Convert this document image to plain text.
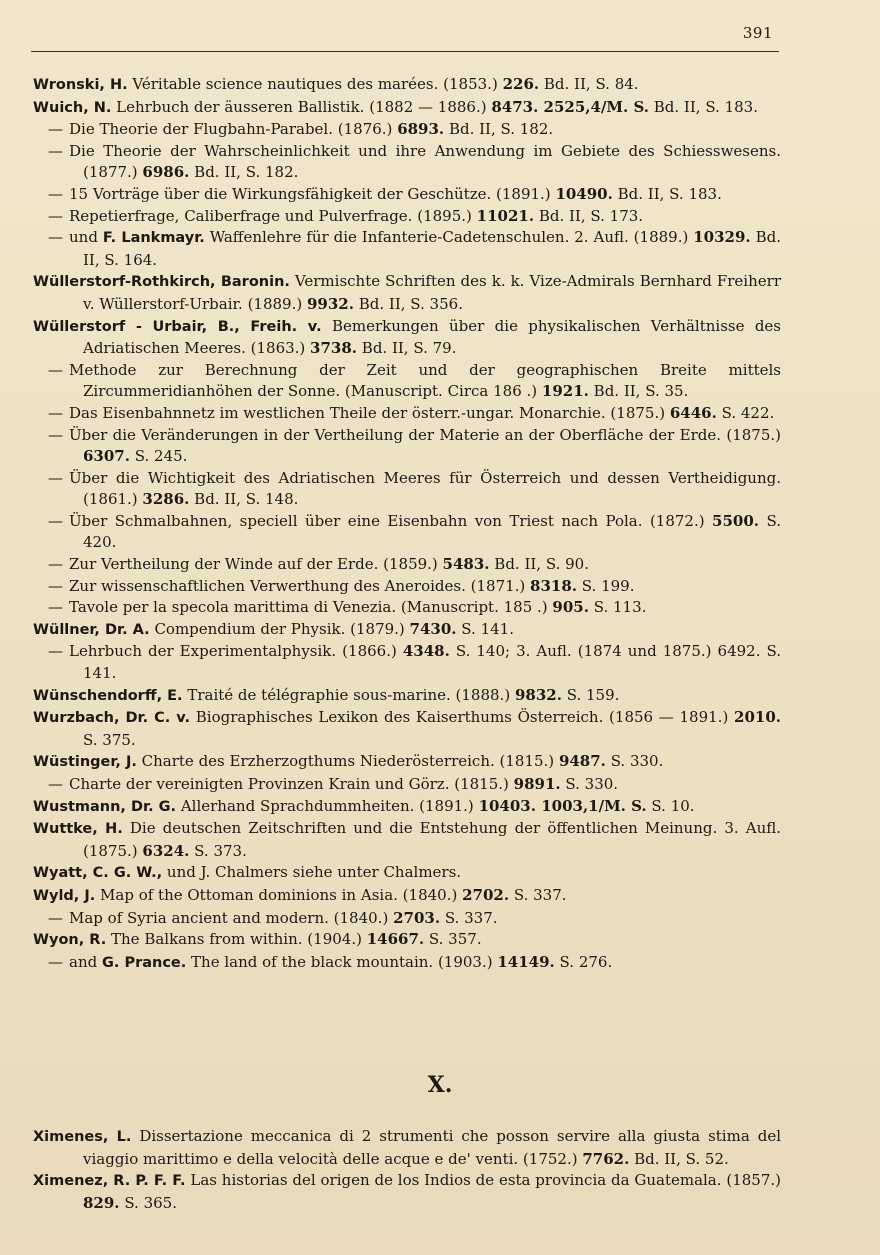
391
Wronski, H. Véritable science nautiques des marées. (1853.) 226. Bd. II, S. 84.
Wuich, N. Lehrbuch der äusseren Ballistik. (1882 — 1886.) 8473. 2525,4/M. S. Bd. II, S. 183.
— Die Theorie der Flugbahn-Parabel. (1876.) 6893. Bd. II, S. 182.
— Die Theorie der Wahrscheinlichkeit und ihre Anwendung im Gebiete des Schiesswesens. (1877.) 6986. Bd. II, S. 182.
— 15 Vorträge über die Wirkungsfähigkeit der Geschütze. (1891.) 10490. Bd. II, S. 183.
— Repetierfrage, Caliberfrage und Pulverfrage. (1895.) 11021. Bd. II, S. 173.
— und F. Lankmayr. Waffenlehre für die Infanterie-Cadetenschulen. 2. Aufl. (1889.) 10329. Bd. II, S. 164.
Wüllerstorf-Rothkirch, Baronin. Vermischte Schriften des k. k. Vize-Admirals Bernhard Freiherr v. Wüllerstorf-Urbair. (1889.) 9932. Bd. II, S. 356.
Wüllerstorf - Urbair, B., Freih. v. Bemerkungen über die physikalischen Verhältnisse des Adriatischen Meeres. (1863.) 3738. Bd. II, S. 79.
— Methode zur Berechnung der Zeit und der geographischen Breite mittels Zircummeridianhöhen der Sonne. (Manuscript. Circa 186 .) 1921. Bd. II, S. 35.
— Das Eisenbahnnetz im westlichen Theile der österr.-ungar. Monarchie. (1875.) 6446. S. 422.
— Über die Veränderungen in der Vertheilung der Materie an der Oberfläche der Erde. (1875.) 6307. S. 245.
— Über die Wichtigkeit des Adriatischen Meeres für Österreich und dessen Vertheidigung. (1861.) 3286. Bd. II, S. 148.
— Über Schmalbahnen, speciell über eine Eisenbahn von Triest nach Pola. (1872.) 5500. S. 420.
— Zur Vertheilung der Winde auf der Erde. (1859.) 5483. Bd. II, S. 90.
— Zur wissenschaftlichen Verwerthung des Aneroides. (1871.) 8318. S. 199.
— Tavole per la specola marittima di Venezia. (Manuscript. 185 .) 905. S. 113.
Wüllner, Dr. A. Compendium der Physik. (1879.) 7430. S. 141.
— Lehrbuch der Experimentalphysik. (1866.) 4348. S. 140; 3. Aufl. (1874 und 1875.) 6492. S. 141.
Wünschendorff, E. Traité de télégraphie sous-marine. (1888.) 9832. S. 159.
Wurzbach, Dr. C. v. Biographisches Lexikon des Kaiserthums Österreich. (1856 — 1891.) 2010. S. 375.
Wüstinger, J. Charte des Erzherzogthums Niederösterreich. (1815.) 9487. S. 330.
— Charte der vereinigten Provinzen Krain und Görz. (1815.) 9891. S. 330.
Wustmann, Dr. G. Allerhand Sprachdummheiten. (1891.) 10403. 1003,1/M. S. S. 10.
Wuttke, H. Die deutschen Zeitschriften und die Entstehung der öffentlichen Meinung. 3. Aufl. (1875.) 6324. S. 373.
Wyatt, C. G. W., und J. Chalmers siehe unter Chalmers.
Wyld, J. Map of the Ottoman dominions in Asia. (1840.) 2702. S. 337.
— Map of Syria ancient and modern. (1840.) 2703. S. 337.
Wyon, R. The Balkans from within. (1904.) 14667. S. 357.
— and G. Prance. The land of the black mountain. (1903.) 14149. S. 276.
X.
Ximenes, L. Dissertazione meccanica di 2 strumenti che posson servire alla giusta stima del viaggio marittimo e della velocità delle acque e de' venti. (1752.) 7762. Bd. II, S. 52.
Ximenez, R. P. F. F. Las historias del origen de los Indios de esta provincia da Guatemala. (1857.) 829. S. 365.
